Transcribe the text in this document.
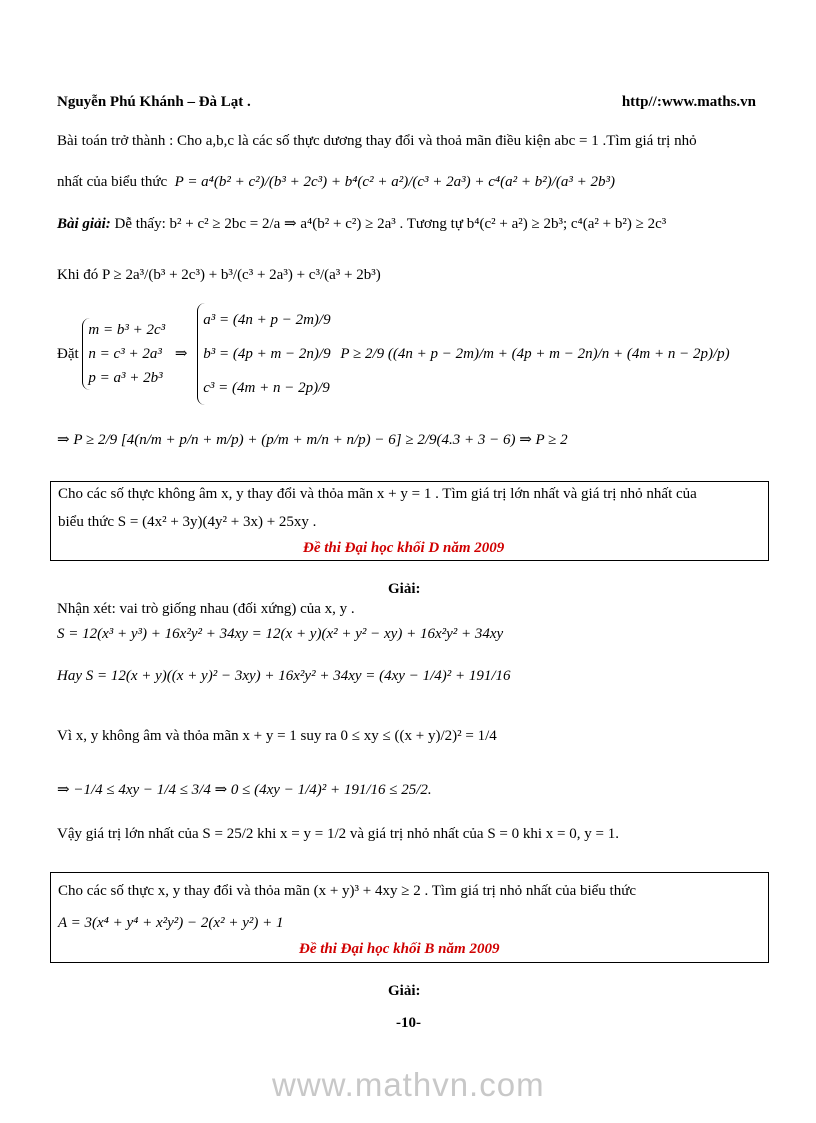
Nguyễn Phú Khánh – Đà Lạt .	http//:www.maths.vn
Bài toán trở thành : Cho a,b,c là các số thực dương thay đổi và thoả mãn điều kiện abc = 1 .Tìm giá trị nhỏ
nhất của biểu thức P = a⁴(b² + c²)/(b³ + 2c³) + b⁴(c² + a²)/(c³ + 2a³) + c⁴(a² + b²)/(a³ + 2b³)
Bài giải: Dễ thấy: b² + c² ≥ 2bc = 2/a ⇒ a⁴(b² + c²) ≥ 2a³ . Tương tự b⁴(c² + a²) ≥ 2b³; c⁴(a² + b²) ≥ 2c³
Khi đó P ≥ 2a³/(b³ + 2c³) + b³/(c³ + 2a³) + c³/(a³ + 2b³)
Đặt
m = b³ + 2c³
n = c³ + 2a³
p = a³ + 2b³
⇒
a³ = (4n + p − 2m)/9
b³ = (4p + m − 2n)/9
c³ = (4m + n − 2p)/9
P ≥ 2/9 ((4n + p − 2m)/m + (4p + m − 2n)/n + (4m + n − 2p)/p)
⇒ P ≥ 2/9 [4(n/m + p/n + m/p) + (p/m + m/n + n/p) − 6] ≥ 2/9(4.3 + 3 − 6) ⇒ P ≥ 2
Cho các số thực không âm x, y thay đổi và thỏa mãn x + y = 1 . Tìm giá trị lớn nhất và giá trị nhỏ nhất của
biểu thức S = (4x² + 3y)(4y² + 3x) + 25xy .
Đề thi Đại học khối D năm 2009
Giải:
Nhận xét: vai trò giống nhau (đối xứng) của x, y .
S = 12(x³ + y³) + 16x²y² + 34xy = 12(x + y)(x² + y² − xy) + 16x²y² + 34xy
Hay S = 12(x + y)((x + y)² − 3xy) + 16x²y² + 34xy = (4xy − 1/4)² + 191/16
Vì x, y không âm và thỏa mãn x + y = 1 suy ra 0 ≤ xy ≤ ((x + y)/2)² = 1/4
⇒ −1/4 ≤ 4xy − 1/4 ≤ 3/4 ⇒ 0 ≤ (4xy − 1/4)² + 191/16 ≤ 25/2.
Vậy giá trị lớn nhất của S = 25/2 khi x = y = 1/2 và giá trị nhỏ nhất của S = 0 khi x = 0, y = 1.
Cho các số thực x, y thay đổi và thỏa mãn (x + y)³ + 4xy ≥ 2 . Tìm giá trị nhỏ nhất của biểu thức
A = 3(x⁴ + y⁴ + x²y²) − 2(x² + y²) + 1
Đề thi Đại học khối B năm 2009
Giải:
-10-
www.mathvn.com
